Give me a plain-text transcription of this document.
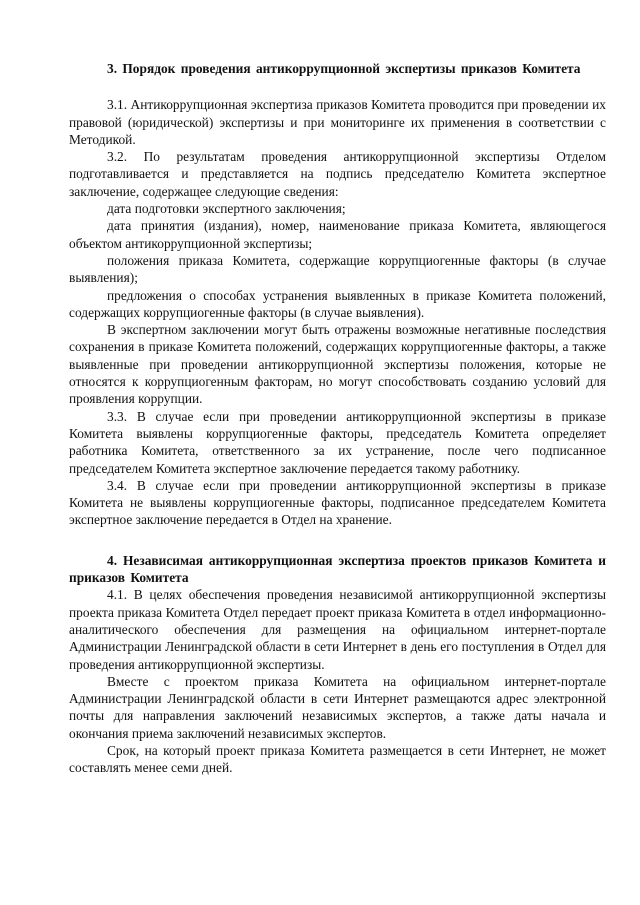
3. Порядок проведения антикоррупционной экспертизы приказов Комитета

3.1. Антикоррупционная экспертиза приказов Комитета проводится при проведении их правовой (юридической) экспертизы и при мониторинге их применения в соответствии с Методикой.

3.2. По результатам проведения антикоррупционной экспертизы Отделом подготавливается и представляется на подпись председателю Комитета экспертное заключение, содержащее следующие сведения:

дата подготовки экспертного заключения;

дата принятия (издания), номер, наименование приказа Комитета, являющегося объектом антикоррупционной экспертизы;

положения приказа Комитета, содержащие коррупциогенные факторы (в случае выявления);

предложения о способах устранения выявленных в приказе Комитета положений, содержащих коррупциогенные факторы (в случае выявления).

В экспертном заключении могут быть отражены возможные негативные последствия сохранения в приказе Комитета положений, содержащих коррупциогенные факторы, а также выявленные при проведении антикоррупционной экспертизы положения, которые не относятся к коррупциогенным факторам, но могут способствовать созданию условий для проявления коррупции.

3.3. В случае если при проведении антикоррупционной экспертизы в приказе Комитета выявлены коррупциогенные факторы, председатель Комитета определяет работника Комитета, ответственного за их устранение, после чего подписанное председателем Комитета экспертное заключение передается такому работнику.

3.4. В случае если при проведении антикоррупционной экспертизы в приказе Комитета не выявлены коррупциогенные факторы, подписанное председателем Комитета экспертное заключение передается в Отдел на хранение.

4. Независимая антикоррупционная экспертиза проектов приказов Комитета и приказов Комитета

4.1. В целях обеспечения проведения независимой антикоррупционной экспертизы проекта приказа Комитета Отдел передает проект приказа Комитета в отдел информационно-аналитического обеспечения для размещения на официальном интернет-портале Администрации Ленинградской области в сети Интернет в день его поступления в Отдел для проведения антикоррупционной экспертизы.

Вместе с проектом приказа Комитета на официальном интернет-портале Администрации Ленинградской области в сети Интернет размещаются адрес электронной почты для направления заключений независимых экспертов, а также даты начала и окончания приема заключений независимых экспертов.

Срок, на который проект приказа Комитета размещается в сети Интернет, не может составлять менее семи дней.
